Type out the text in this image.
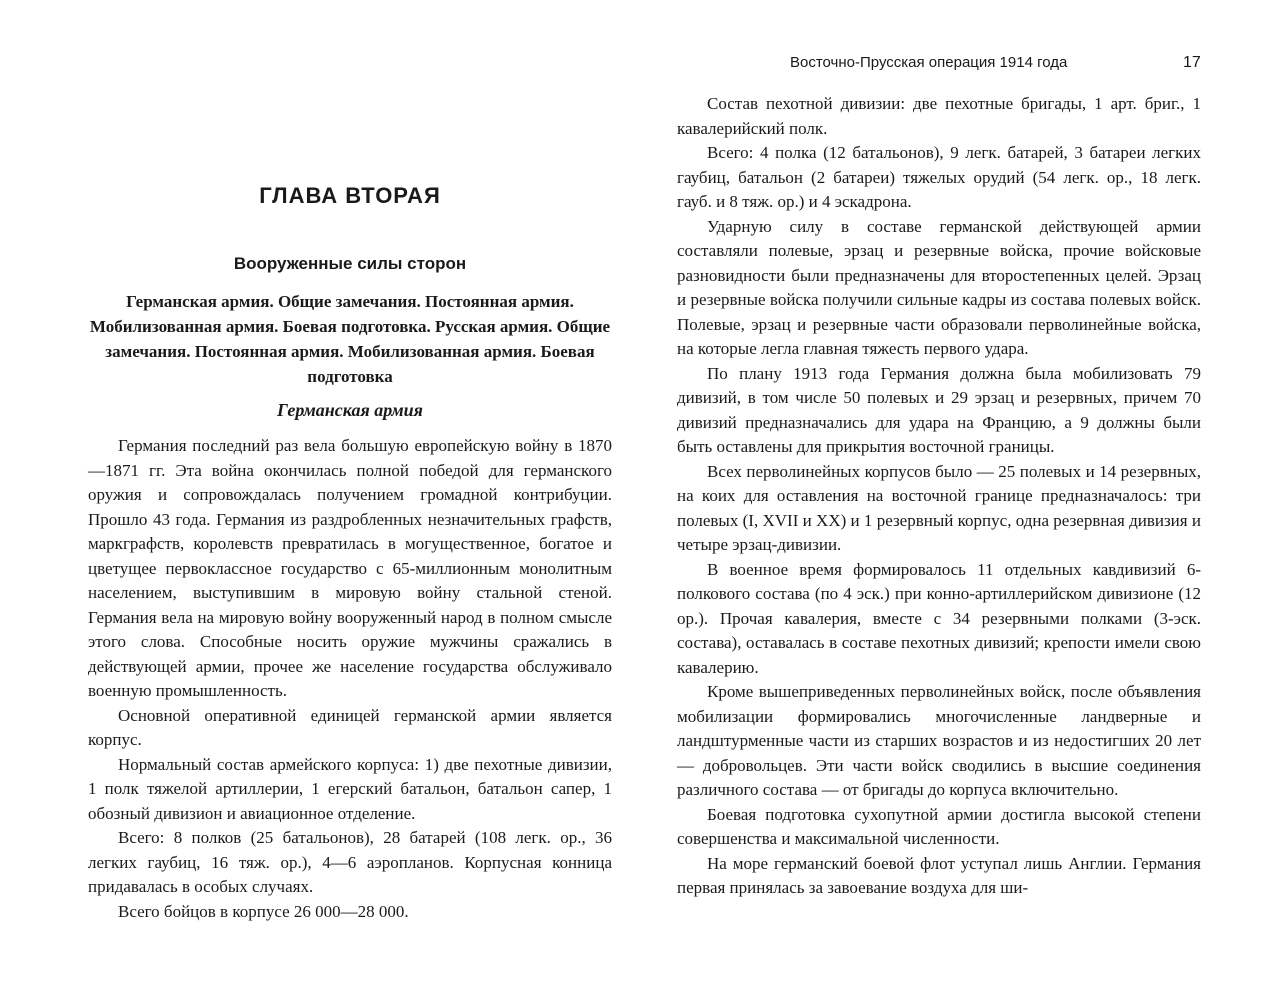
Восточно-Прусская операция 1914 года	17
ГЛАВА ВТОРАЯ
Вооруженные силы сторон
Германская армия. Общие замечания. Постоянная армия. Мобилизованная армия. Боевая подготовка. Русская армия. Общие замечания. Постоянная армия. Мобилизованная армия. Боевая подготовка
Германская армия

Германия последний раз вела большую европейскую войну в 1870—1871 гг. Эта война окончилась полной победой для германского оружия и сопровождалась получением громадной контрибуции. Прошло 43 года. Германия из раздробленных незначительных графств, маркграфств, королевств превратилась в могущественное, богатое и цветущее первоклассное государство с 65-миллионным монолитным населением, выступившим в мировую войну стальной стеной. Германия вела на мировую войну вооруженный народ в полном смысле этого слова. Способные носить оружие мужчины сражались в действующей армии, прочее же население государства обслуживало военную промышленность.

Основной оперативной единицей германской армии является корпус.

Нормальный состав армейского корпуса: 1) две пехотные дивизии, 1 полк тяжелой артиллерии, 1 егерский батальон, батальон сапер, 1 обозный дивизион и авиационное отделение.

Всего: 8 полков (25 батальонов), 28 батарей (108 легк. ор., 36 легких гаубиц, 16 тяж. ор.), 4—6 аэропланов. Корпусная конница придавалась в особых случаях.

Всего бойцов в корпусе 26 000—28 000.

Состав пехотной дивизии: две пехотные бригады, 1 арт. бриг., 1 кавалерийский полк.

Всего: 4 полка (12 батальонов), 9 легк. батарей, 3 батареи легких гаубиц, батальон (2 батареи) тяжелых орудий (54 легк. ор., 18 легк. гауб. и 8 тяж. ор.) и 4 эскадрона.

Ударную силу в составе германской действующей армии составляли полевые, эрзац и резервные войска, прочие войсковые разновидности были предназначены для второстепенных целей. Эрзац и резервные войска получили сильные кадры из состава полевых войск. Полевые, эрзац и резервные части образовали перволинейные войска, на которые легла главная тяжесть первого удара.

По плану 1913 года Германия должна была мобилизовать 79 дивизий, в том числе 50 полевых и 29 эрзац и резервных, причем 70 дивизий предназначались для удара на Францию, а 9 должны были быть оставлены для прикрытия восточной границы.

Всех перволинейных корпусов было — 25 полевых и 14 резервных, на коих для оставления на восточной границе предназначалось: три полевых (I, XVII и XX) и 1 резервный корпус, одна резервная дивизия и четыре эрзац-дивизии.

В военное время формировалось 11 отдельных кавдивизий 6-полкового состава (по 4 эск.) при конно-артиллерийском дивизионе (12 ор.). Прочая кавалерия, вместе с 34 резервными полками (3-эск. состава), оставалась в составе пехотных дивизий; крепости имели свою кавалерию.

Кроме вышеприведенных перволинейных войск, после объявления мобилизации формировались многочисленные ландверные и ландштурменные части из старших возрастов и из недостигших 20 лет — добровольцев. Эти части войск сводились в высшие соединения различного состава — от бригады до корпуса включительно.

Боевая подготовка сухопутной армии достигла высокой степени совершенства и максимальной численности.

На море германский боевой флот уступал лишь Англии. Германия первая принялась за завоевание воздуха для ши-
